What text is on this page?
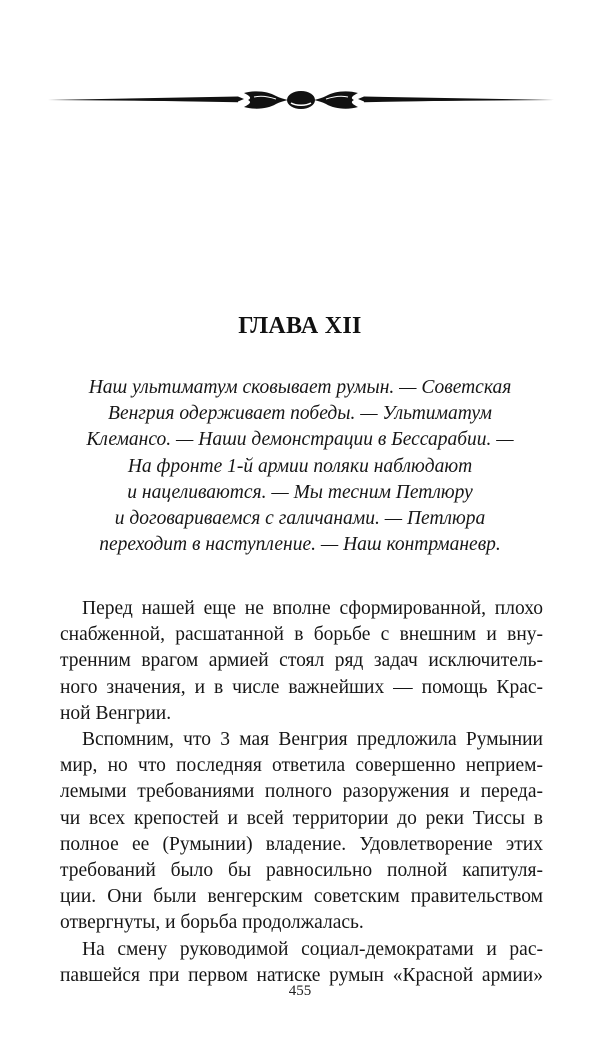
ГЛАВА XII
Наш ультиматум сковывает румын. — Советская
Венгрия одерживает победы. — Ультиматум
Клемансо. — Наши демонстрации в Бессарабии. —
На фронте 1-й армии поляки наблюдают
и нацеливаются. — Мы тесним Петлюру
и договариваемся с галичанами. — Петлюра
переходит в наступление. — Наш контрманевр.
Перед нашей еще не вполне сформированной, плохо
снабженной, расшатанной в борьбе с внешним и вну-
тренним врагом армией стоял ряд задач исключитель-
ного значения, и в числе важнейших — помощь Крас-
ной Венгрии.
Вспомним, что 3 мая Венгрия предложила Румынии
мир, но что последняя ответила совершенно неприем-
лемыми требованиями полного разоружения и переда-
чи всех крепостей и всей территории до реки Тиссы в
полное ее (Румынии) владение. Удовлетворение этих
требований было бы равносильно полной капитуля-
ции. Они были венгерским советским правительством
отвергнуты, и борьба продолжалась.
На смену руководимой социал-демократами и рас-
павшейся при первом натиске румын «Красной армии»
455
